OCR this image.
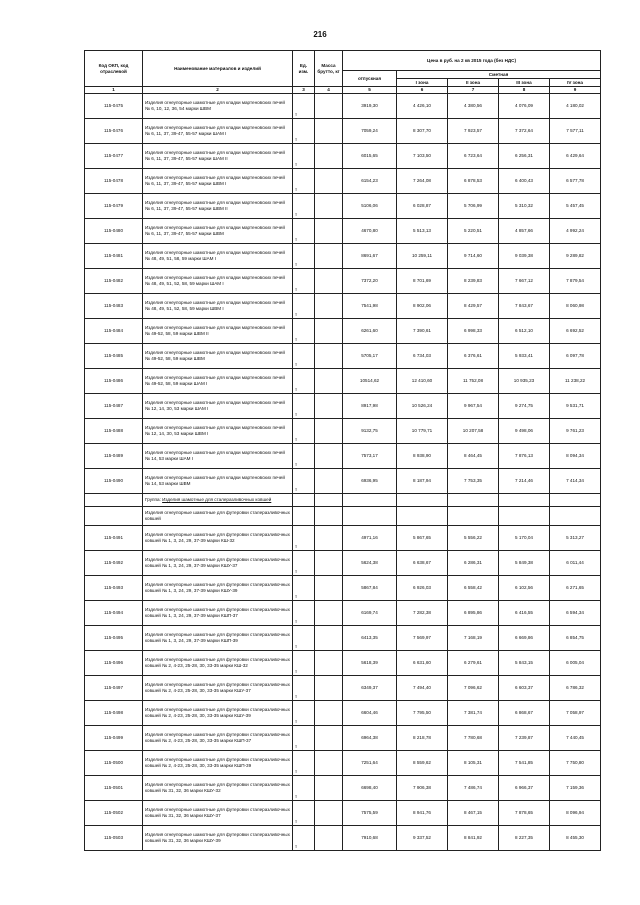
216
Код ОКП, код отраслевой	Наименование материалов и изделий	Ед. изм.	Масса брутто, кг	Цена в руб. на 2 кв 2015 года (без НДС)				
				отпускная	Сметная			
					I зона	II зона	III зона	IV зона
1	2	3	4	5	6	7	8	9
115-0475	Изделия огнеупорные шамотные для кладки мартеновских печей № 6, 10, 12, 36, 54 марки ШВМ	т		3919,30	4 426,10	4 380,56	4 076,09	4 180,02
115-0476	Изделия огнеупорные шамотные для кладки мартеновских печей № 6, 11, 37, 39-47, 55-57 марки ШАМ I	т		7059,24	8 307,70	7 923,57	7 372,64	7 577,11
115-0477	Изделия огнеупорные шамотные для кладки мартеновских печей № 6, 11, 37, 39-47, 55-57 марки ШАМ II	т		6015,65	7 103,50	6 723,64	6 256,31	6 429,64
115-0478	Изделия огнеупорные шамотные для кладки мартеновских печей № 6, 11, 37, 39-47, 55-57 марки ШВМ I	т		6154,23	7 264,08	6 878,53	6 400,43	6 577,78
115-0479	Изделия огнеупорные шамотные для кладки мартеновских печей № 6, 11, 37, 39-47, 55-57 марки ШВМ II	т		5106,06	6 028,87	5 706,99	5 310,32	5 457,45
115-0480	Изделия огнеупорные шамотные для кладки мартеновских печей № 6, 11, 37, 39-47, 55-57 марки ШВМ	т		4670,80	5 513,13	5 220,51	4 857,66	4 992,24
115-0481	Изделия огнеупорные шамотные для кладки мартеновских печей № 48, 49, 51, 58, 59 марки ШАМ I	т		8691,67	10 259,11	9 714,60	9 039,38	9 289,82
115-0482	Изделия огнеупорные шамотные для кладки мартеновских печей № 48, 49, 51, 52, 58, 59 марки ШАМ I	т		7372,20	8 701,69	8 239,83	7 667,12	7 879,54
115-0483	Изделия огнеупорные шамотные для кладки мартеновских печей № 48, 49, 51, 52, 58, 59 марки ШВМ I	т		7541,98	8 902,06	8 429,57	7 843,67	8 060,98
115-0484	Изделия огнеупорные шамотные для кладки мартеновских печей № 49-52, 58, 59 марки ШВМ II	т		6261,60	7 390,61	6 998,33	6 512,10	6 692,52
115-0485	Изделия огнеупорные шамотные для кладки мартеновских печей № 49-52, 58, 59 марки ШВМ	т		5705,17	6 734,03	6 376,61	5 933,41	6 097,78
115-0486	Изделия огнеупорные шамотные для кладки мартеновских печей № 49-52, 58, 59 марки ШАМ I	т		10514,62	12 410,60	11 752,08	10 935,23	11 238,22
115-0487	Изделия огнеупорные шамотные для кладки мартеновских печей № 12, 14, 30, 53 марки ШАМ I	т		8917,98	10 526,24	9 967,54	9 274,75	9 531,71
115-0488	Изделия огнеупорные шамотные для кладки мартеновских печей № 12, 14, 30, 53 марки ШВМ I	т		9132,75	10 779,71	10 207,58	9 498,06	9 761,23
115-0489	Изделия огнеупорные шамотные для кладки мартеновских печей № 14, 53 марки ШАМ I	т		7573,17	8 938,90	8 464,45	7 876,13	8 094,34
115-0490	Изделия огнеупорные шамотные для кладки мартеновских печей № 14, 53 марки ШВМ	т		6936,95	8 187,94	7 753,35	7 214,46	7 414,34
	Группа: Изделия шамотные для сталеразливочных ковшей							
	Изделия огнеупорные шамотные для футеровки сталеразливочных ковшей							
115-0491	Изделия огнеупорные шамотные для футеровки сталеразливочных ковшей № 1, 3, 24, 29, 37-39 марки КШ-32	т		4971,16	5 867,65	5 556,22	5 170,04	5 313,27
115-0492	Изделия огнеупорные шамотные для футеровки сталеразливочных ковшей № 1, 3, 24, 29, 37-39 марки КШУ-37	т		5624,38	6 638,67	6 286,31	5 849,38	6 011,44
115-0493	Изделия огнеупорные шамотные для футеровки сталеразливочных ковшей № 1, 3, 24, 29, 37-39 марки КШУ-39	т		5867,84	6 926,03	6 558,42	6 102,56	6 271,65
115-0494	Изделия огнеупорные шамотные для футеровки сталеразливочных ковшей № 1, 3, 24, 29, 37-39 марки КШП-37	т		6169,74	7 282,38	6 895,86	6 416,55	6 594,34
115-0495	Изделия огнеупорные шамотные для футеровки сталеразливочных ковшей № 1, 3, 24, 29, 37-39 марки КШП-39	т		6413,35	7 569,97	7 168,19	6 669,86	6 854,75
115-0496	Изделия огнеупорные шамотные для футеровки сталеразливочных ковшей № 2, 4-23, 25-28, 30, 33-35 марки КШ-32	т		5618,39	6 631,60	6 279,61	5 843,15	6 005,04
115-0497	Изделия огнеупорные шамотные для футеровки сталеразливочных ковшей № 2, 4-23, 25-28, 30, 33-35 марки КШУ-37	т		6349,37	7 494,40	7 096,62	6 603,37	6 786,32
115-0498	Изделия огнеупорные шамотные для футеровки сталеразливочных ковшей № 2, 4-23, 25-28, 30, 33-35 марки КШУ-39	т		6604,46	7 795,50	7 381,74	6 868,67	7 058,97
115-0499	Изделия огнеупорные шамотные для футеровки сталеразливочных ковшей № 2, 4-23, 25-28, 30, 33-35 марки КШП-37	т		6964,38	8 218,78	7 780,68	7 239,87	7 440,45
115-0500	Изделия огнеупорные шамотные для футеровки сталеразливочных ковшей № 2, 4-23, 25-28, 30, 33-35 марки КШП-39	т		7251,64	8 559,62	8 105,31	7 541,85	7 750,80
115-0501	Изделия огнеупорные шамотные для футеровки сталеразливочных ковшей № 31, 32, 36 марки КШУ-32	т		6698,40	7 906,38	7 486,74	6 966,37	7 159,36
115-0502	Изделия огнеупорные шамотные для футеровки сталеразливочных ковшей № 31, 32, 36 марки КШУ-37	т		7575,59	8 941,76	8 467,15	7 878,65	8 096,94
115-0503	Изделия огнеупорные шамотные для футеровки сталеразливочных ковшей № 31, 32, 36 марки КШУ-39	т		7910,68	9 337,52	8 841,92	8 227,35	8 455,30
